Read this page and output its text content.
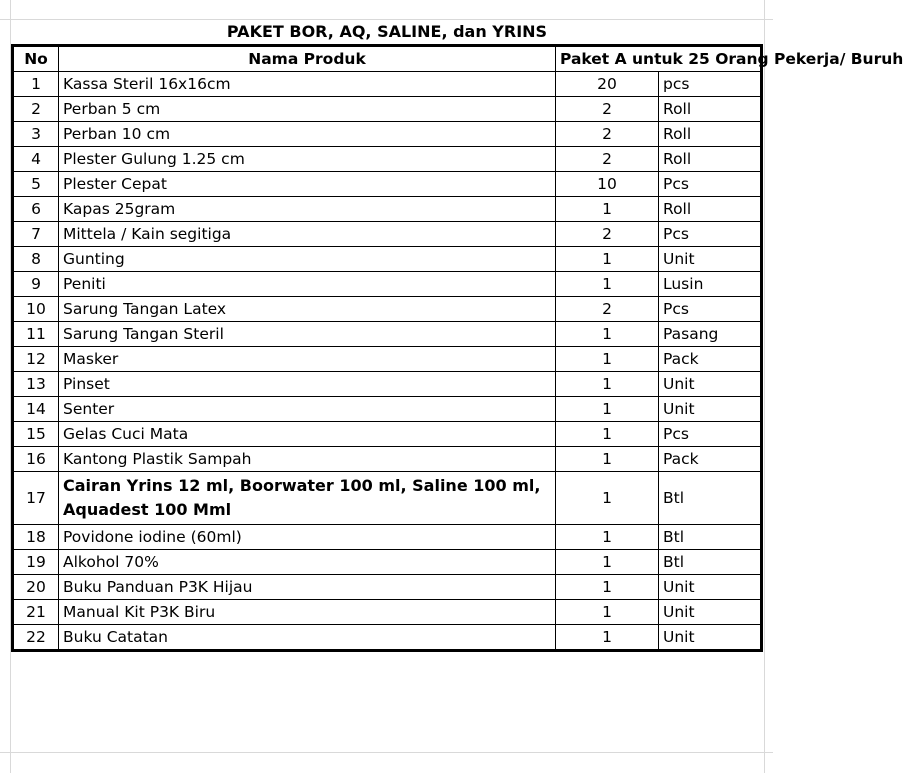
PAKET BOR, AQ, SALINE, dan YRINS
No	Nama Produk	Paket A untuk 25 Orang Pekerja/ Buruh	
1	Kassa Steril 16x16cm	20	pcs
2	Perban 5 cm	2	Roll
3	Perban 10 cm	2	Roll
4	Plester Gulung 1.25 cm	2	Roll
5	Plester Cepat	10	Pcs
6	Kapas 25gram	1	Roll
7	Mittela / Kain segitiga	2	Pcs
8	Gunting	1	Unit
9	Peniti	1	Lusin
10	Sarung Tangan Latex	2	Pcs
11	Sarung Tangan Steril	1	Pasang
12	Masker	1	Pack
13	Pinset	1	Unit
14	Senter	1	Unit
15	Gelas Cuci Mata	1	Pcs
16	Kantong Plastik Sampah	1	Pack
17	Cairan Yrins 12 ml, Boorwater 100 ml, Saline 100 ml, Aquadest 100 Mml	1	Btl
18	Povidone iodine (60ml)	1	Btl
19	Alkohol 70%	1	Btl
20	Buku Panduan P3K Hijau	1	Unit
21	Manual Kit P3K Biru	1	Unit
22	Buku Catatan	1	Unit
